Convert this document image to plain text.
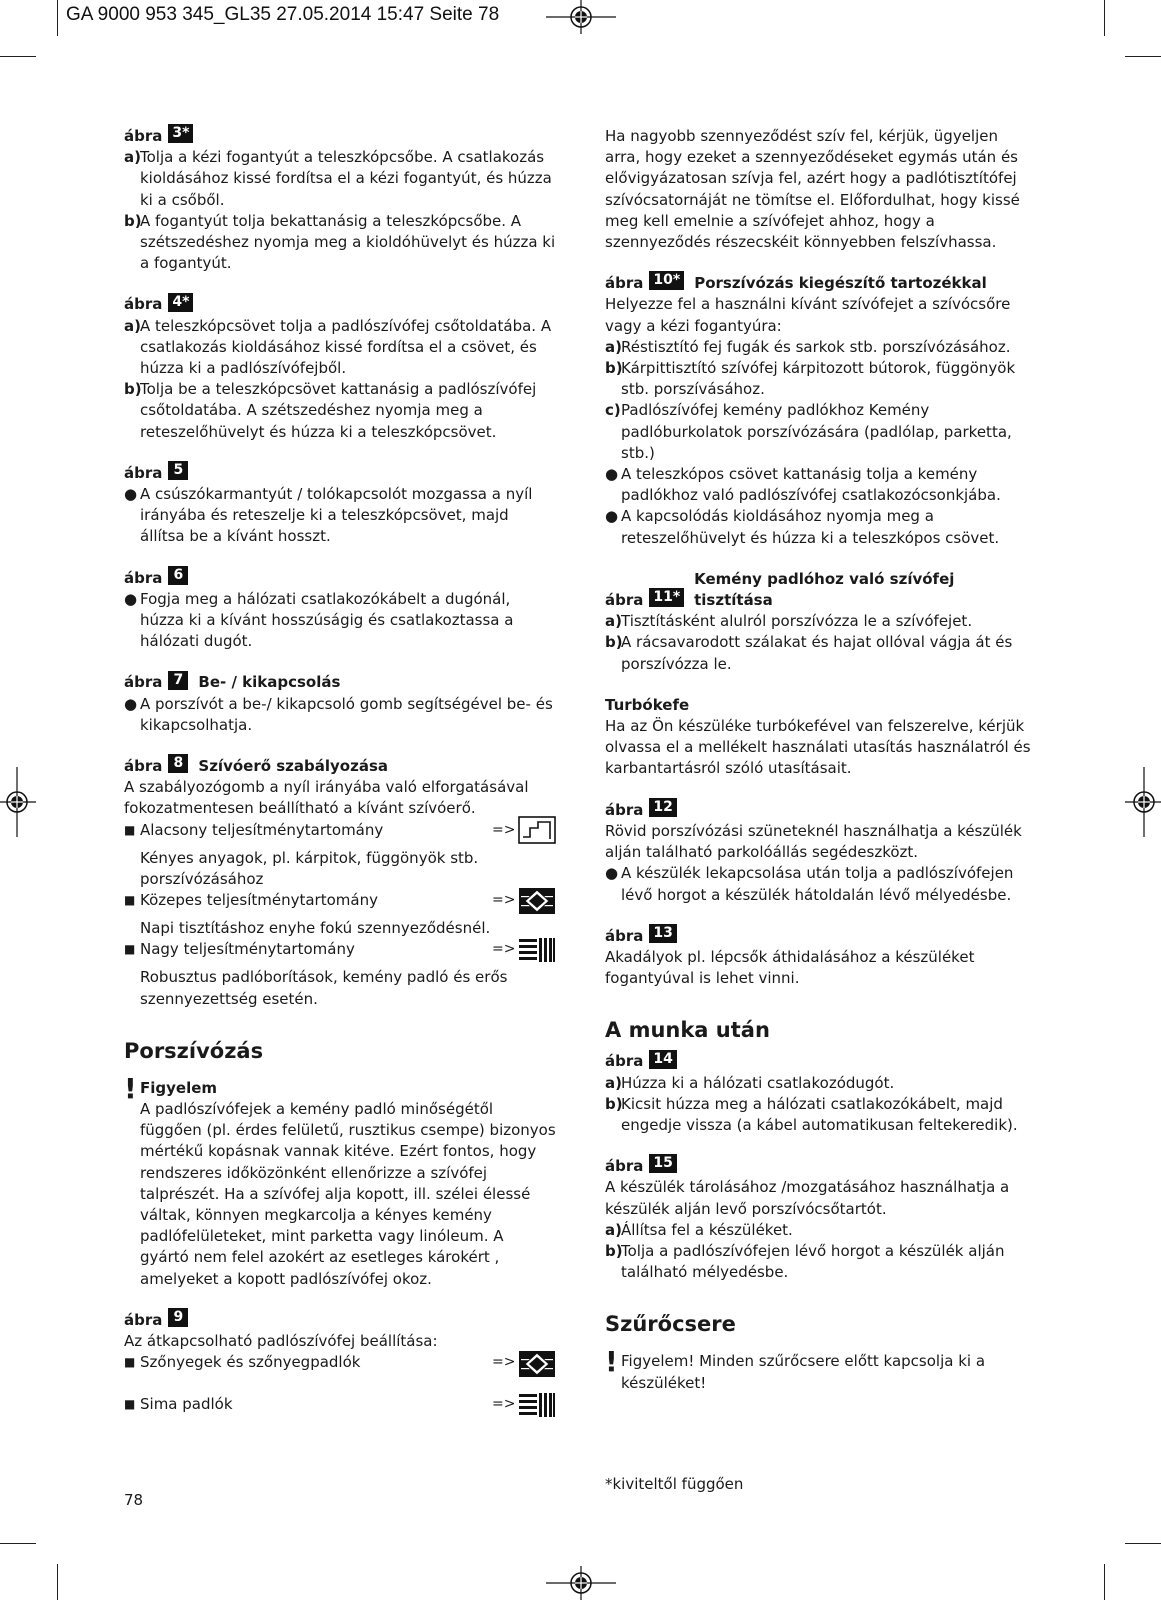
GA 9000 953 345_GL35 27.05.2014 15:47 Seite 78
ábra 3*
a) Tolja a kézi fogantyút a teleszkópcsőbe. A csatlakozás kioldásához kissé fordítsa el a kézi fogantyút, és húzza ki a csőből.
b)
A fogantyút tolja bekattanásig a teleszkópcsőbe. A szétszedéshez nyomja meg a kioldóhüvelyt és húzza ki a fogantyút.
ábra 4*
a) A teleszkópcsövet tolja a padlószívófej csőtoldatába. A csatlakozás kioldásához kissé fordítsa el a csövet, és húzza ki a padlószívófejből.
b)
Tolja be a teleszkópcsövet kattanásig a padlószívófej csőtoldatába. A szétszedéshez nyomja meg a reteszelőhüvelyt és húzza ki a teleszkópcsövet.
ábra 5
● A csúszókarmantyút / tolókapcsolót mozgassa a nyíl irányába és reteszelje ki a teleszkópcsövet, majd állítsa be a kívánt hosszt.
ábra 6
● Fogja meg a hálózati csatlakozókábelt a dugónál, húzza ki a kívánt hosszúságig és csatlakoztassa a hálózati dugót.
ábra 7	Be- / kikapcsolás
● A porszívót a be-/ kikapcsoló gomb segítségével be- és kikapcsolhatja.
ábra 8	Szívóerő szabályozása

A szabályozógomb a nyíl irányába való elforgatásával fokozatmentesen beállítható a kívánt szívóerő.

■ Alacsony teljesítménytartomány	=>
Kényes anyagok, pl. kárpitok, függönyök stb. porszívózásához
■ Közepes teljesítménytartomány	=>
Napi tisztításhoz enyhe fokú szennyeződésnél.
■ Nagy teljesítménytartomány	=>
Robusztus padlóborítások, kemény padló és erős szennyezettség esetén.
Porszívózás
! Figyelem
A padlószívófejek a kemény padló minőségétől függően (pl. érdes felületű, rusztikus csempe) bizonyos mértékű kopásnak vannak kitéve. Ezért fontos, hogy rendszeres időközönként ellenőrizze a szívófej talprészét. Ha a szívófej alja kopott, ill. szélei élessé váltak, könnyen megkarcolja a kényes kemény padlófelületeket, mint parketta vagy linóleum. A gyártó nem felel azokért az esetleges károkért , amelyeket a kopott padlószívófej okoz.
ábra 9

Az átkapcsolható padlószívófej beállítása:

■ Szőnyegek és szőnyegpadlók	=>
■ Sima padlók	=>

Ha nagyobb szennyeződést szív fel, kérjük, ügyeljen arra, hogy ezeket a szennyeződéseket egymás után és elővigyázatosan szívja fel, azért hogy a padlótisztítófej szívócsatornáját ne tömítse el. Előfordulhat, hogy kissé meg kell emelnie a szívófejet ahhoz, hogy a szennyeződés részecskéit könnyebben felszívhassa.

ábra 10* Porszívózás kiegészítő tartozékkal

Helyezze fel a használni kívánt szívófejet a szívócsőre vagy a kézi fogantyúra:

a) Réstisztító fej fugák és sarkok stb. porszívózásához.
b)
Kárpittisztító szívófej kárpitozott bútorok, függönyök stb. porszívásához.
c) Padlószívófej kemény padlókhoz Kemény padlóburkolatok porszívózására (padlólap, parketta, stb.)
● A teleszkópos csövet kattanásig tolja a kemény padlókhoz való padlószívófej csatlakozócsonkjába.
● A kapcsolódás kioldásához nyomja meg a reteszelőhüvelyt és húzza ki a teleszkópos csövet.
ábra 11*
Kemény padlóhoz való szívófej tisztítása
a) Tisztításként alulról porszívózza le a szívófejet.
b)
A rácsavarodott szálakat és hajat ollóval vágja át és porszívózza le.
Turbókefe

Ha az Ön készüléke turbókefével van felszerelve, kérjük olvassa el a mellékelt használati utasítás használatról és karbantartásról szóló utasításait.

ábra 12

Rövid porszívózási szüneteknél használhatja a készülék alján található parkolóállás segédeszközt.

● A készülék lekapcsolása után tolja a padlószívófejen lévő horgot a készülék hátoldalán lévő mélyedésbe.
ábra 13

Akadályok pl. lépcsők áthidalásához a készüléket fogantyúval is lehet vinni.

A munka után
ábra 14
a) Húzza ki a hálózati csatlakozódugót.
b)
Kicsit húzza meg a hálózati csatlakozókábelt, majd engedje vissza (a kábel automatikusan feltekeredik).
ábra 15

A készülék tárolásához /mozgatásához használhatja a készülék alján levő porszívócsőtartót.

a) Állítsa fel a készüléket.
b)
Tolja a padlószívófejen lévő horgot a készülék alján található mélyedésbe.
Szűrőcsere
! Figyelem! Minden szűrőcsere előtt kapcsolja ki a készüléket!
*kiviteltől függően
78
